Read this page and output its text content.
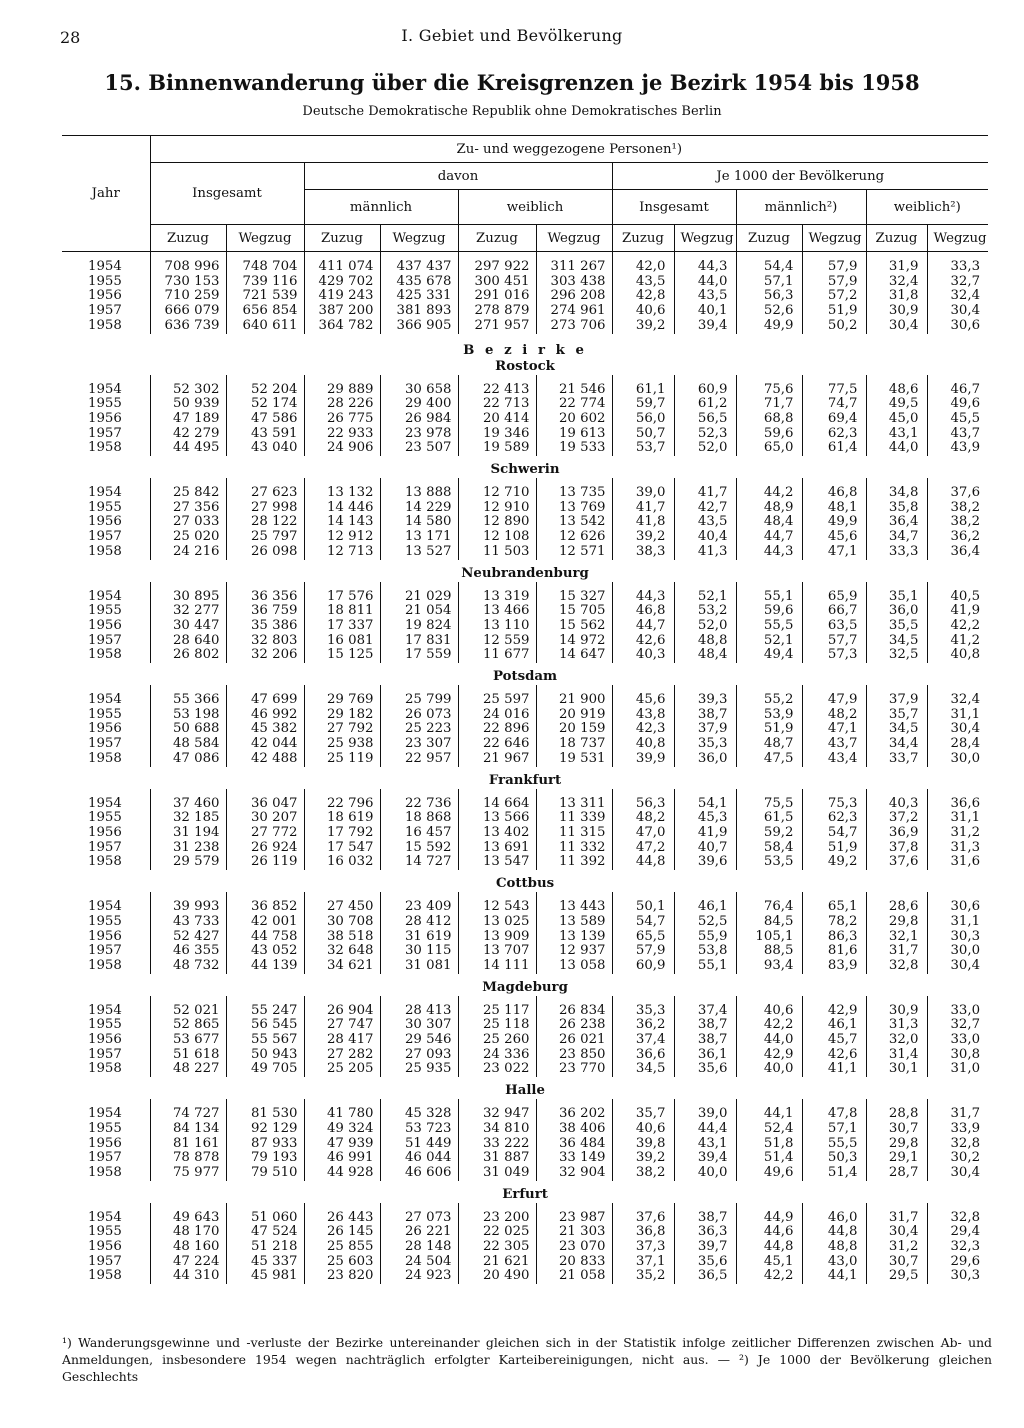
28	I. Gebiet und Bevölkerung
15. Binnenwanderung über die Kreisgrenzen je Bezirk 1954 bis 1958
Deutsche Demokratische Republik ohne Demokratisches Berlin
Jahr	Zu- und weggezogene Personen¹)											
	Insgesamt		davon				Je 1000 der Bevölkerung					
			männlich		weiblich		Insgesamt		männlich²)		weiblich²)	
	Zuzug	Wegzug	Zuzug	Wegzug	Zuzug	Wegzug	Zuzug	Wegzug	Zuzug	Wegzug	Zuzug	Wegzug
1954	708 996	748 704	411 074	437 437	297 922	311 267	42,0	44,3	54,4	57,9	31,9	33,3
1955	730 153	739 116	429 702	435 678	300 451	303 438	43,5	44,0	57,1	57,9	32,4	32,7
1956	710 259	721 539	419 243	425 331	291 016	296 208	42,8	43,5	56,3	57,2	31,8	32,4
1957	666 079	656 854	387 200	381 893	278 879	274 961	40,6	40,1	52,6	51,9	30,9	30,4
1958	636 739	640 611	364 782	366 905	271 957	273 706	39,2	39,4	49,9	50,2	30,4	30,6
B e z i r k e												
Rostock												
1954	52 302	52 204	29 889	30 658	22 413	21 546	61,1	60,9	75,6	77,5	48,6	46,7
1955	50 939	52 174	28 226	29 400	22 713	22 774	59,7	61,2	71,7	74,7	49,5	49,6
1956	47 189	47 586	26 775	26 984	20 414	20 602	56,0	56,5	68,8	69,4	45,0	45,5
1957	42 279	43 591	22 933	23 978	19 346	19 613	50,7	52,3	59,6	62,3	43,1	43,7
1958	44 495	43 040	24 906	23 507	19 589	19 533	53,7	52,0	65,0	61,4	44,0	43,9
Schwerin												
1954	25 842	27 623	13 132	13 888	12 710	13 735	39,0	41,7	44,2	46,8	34,8	37,6
1955	27 356	27 998	14 446	14 229	12 910	13 769	41,7	42,7	48,9	48,1	35,8	38,2
1956	27 033	28 122	14 143	14 580	12 890	13 542	41,8	43,5	48,4	49,9	36,4	38,2
1957	25 020	25 797	12 912	13 171	12 108	12 626	39,2	40,4	44,7	45,6	34,7	36,2
1958	24 216	26 098	12 713	13 527	11 503	12 571	38,3	41,3	44,3	47,1	33,3	36,4
Neubrandenburg												
1954	30 895	36 356	17 576	21 029	13 319	15 327	44,3	52,1	55,1	65,9	35,1	40,5
1955	32 277	36 759	18 811	21 054	13 466	15 705	46,8	53,2	59,6	66,7	36,0	41,9
1956	30 447	35 386	17 337	19 824	13 110	15 562	44,7	52,0	55,5	63,5	35,5	42,2
1957	28 640	32 803	16 081	17 831	12 559	14 972	42,6	48,8	52,1	57,7	34,5	41,2
1958	26 802	32 206	15 125	17 559	11 677	14 647	40,3	48,4	49,4	57,3	32,5	40,8
Potsdam												
1954	55 366	47 699	29 769	25 799	25 597	21 900	45,6	39,3	55,2	47,9	37,9	32,4
1955	53 198	46 992	29 182	26 073	24 016	20 919	43,8	38,7	53,9	48,2	35,7	31,1
1956	50 688	45 382	27 792	25 223	22 896	20 159	42,3	37,9	51,9	47,1	34,5	30,4
1957	48 584	42 044	25 938	23 307	22 646	18 737	40,8	35,3	48,7	43,7	34,4	28,4
1958	47 086	42 488	25 119	22 957	21 967	19 531	39,9	36,0	47,5	43,4	33,7	30,0
Frankfurt												
1954	37 460	36 047	22 796	22 736	14 664	13 311	56,3	54,1	75,5	75,3	40,3	36,6
1955	32 185	30 207	18 619	18 868	13 566	11 339	48,2	45,3	61,5	62,3	37,2	31,1
1956	31 194	27 772	17 792	16 457	13 402	11 315	47,0	41,9	59,2	54,7	36,9	31,2
1957	31 238	26 924	17 547	15 592	13 691	11 332	47,2	40,7	58,4	51,9	37,8	31,3
1958	29 579	26 119	16 032	14 727	13 547	11 392	44,8	39,6	53,5	49,2	37,6	31,6
Cottbus												
1954	39 993	36 852	27 450	23 409	12 543	13 443	50,1	46,1	76,4	65,1	28,6	30,6
1955	43 733	42 001	30 708	28 412	13 025	13 589	54,7	52,5	84,5	78,2	29,8	31,1
1956	52 427	44 758	38 518	31 619	13 909	13 139	65,5	55,9	105,1	86,3	32,1	30,3
1957	46 355	43 052	32 648	30 115	13 707	12 937	57,9	53,8	88,5	81,6	31,7	30,0
1958	48 732	44 139	34 621	31 081	14 111	13 058	60,9	55,1	93,4	83,9	32,8	30,4
Magdeburg												
1954	52 021	55 247	26 904	28 413	25 117	26 834	35,3	37,4	40,6	42,9	30,9	33,0
1955	52 865	56 545	27 747	30 307	25 118	26 238	36,2	38,7	42,2	46,1	31,3	32,7
1956	53 677	55 567	28 417	29 546	25 260	26 021	37,4	38,7	44,0	45,7	32,0	33,0
1957	51 618	50 943	27 282	27 093	24 336	23 850	36,6	36,1	42,9	42,6	31,4	30,8
1958	48 227	49 705	25 205	25 935	23 022	23 770	34,5	35,6	40,0	41,1	30,1	31,0
Halle												
1954	74 727	81 530	41 780	45 328	32 947	36 202	35,7	39,0	44,1	47,8	28,8	31,7
1955	84 134	92 129	49 324	53 723	34 810	38 406	40,6	44,4	52,4	57,1	30,7	33,9
1956	81 161	87 933	47 939	51 449	33 222	36 484	39,8	43,1	51,8	55,5	29,8	32,8
1957	78 878	79 193	46 991	46 044	31 887	33 149	39,2	39,4	51,4	50,3	29,1	30,2
1958	75 977	79 510	44 928	46 606	31 049	32 904	38,2	40,0	49,6	51,4	28,7	30,4
Erfurt												
1954	49 643	51 060	26 443	27 073	23 200	23 987	37,6	38,7	44,9	46,0	31,7	32,8
1955	48 170	47 524	26 145	26 221	22 025	21 303	36,8	36,3	44,6	44,8	30,4	29,4
1956	48 160	51 218	25 855	28 148	22 305	23 070	37,3	39,7	44,8	48,8	31,2	32,3
1957	47 224	45 337	25 603	24 504	21 621	20 833	37,1	35,6	45,1	43,0	30,7	29,6
1958	44 310	45 981	23 820	24 923	20 490	21 058	35,2	36,5	42,2	44,1	29,5	30,3
¹) Wanderungsgewinne und -verluste der Bezirke untereinander gleichen sich in der Statistik infolge zeitlicher Differenzen zwischen Ab- und Anmeldungen, insbesondere 1954 wegen nachträglich erfolgter Karteibereinigungen, nicht aus. — ²) Je 1000 der Bevölkerung gleichen Geschlechts
